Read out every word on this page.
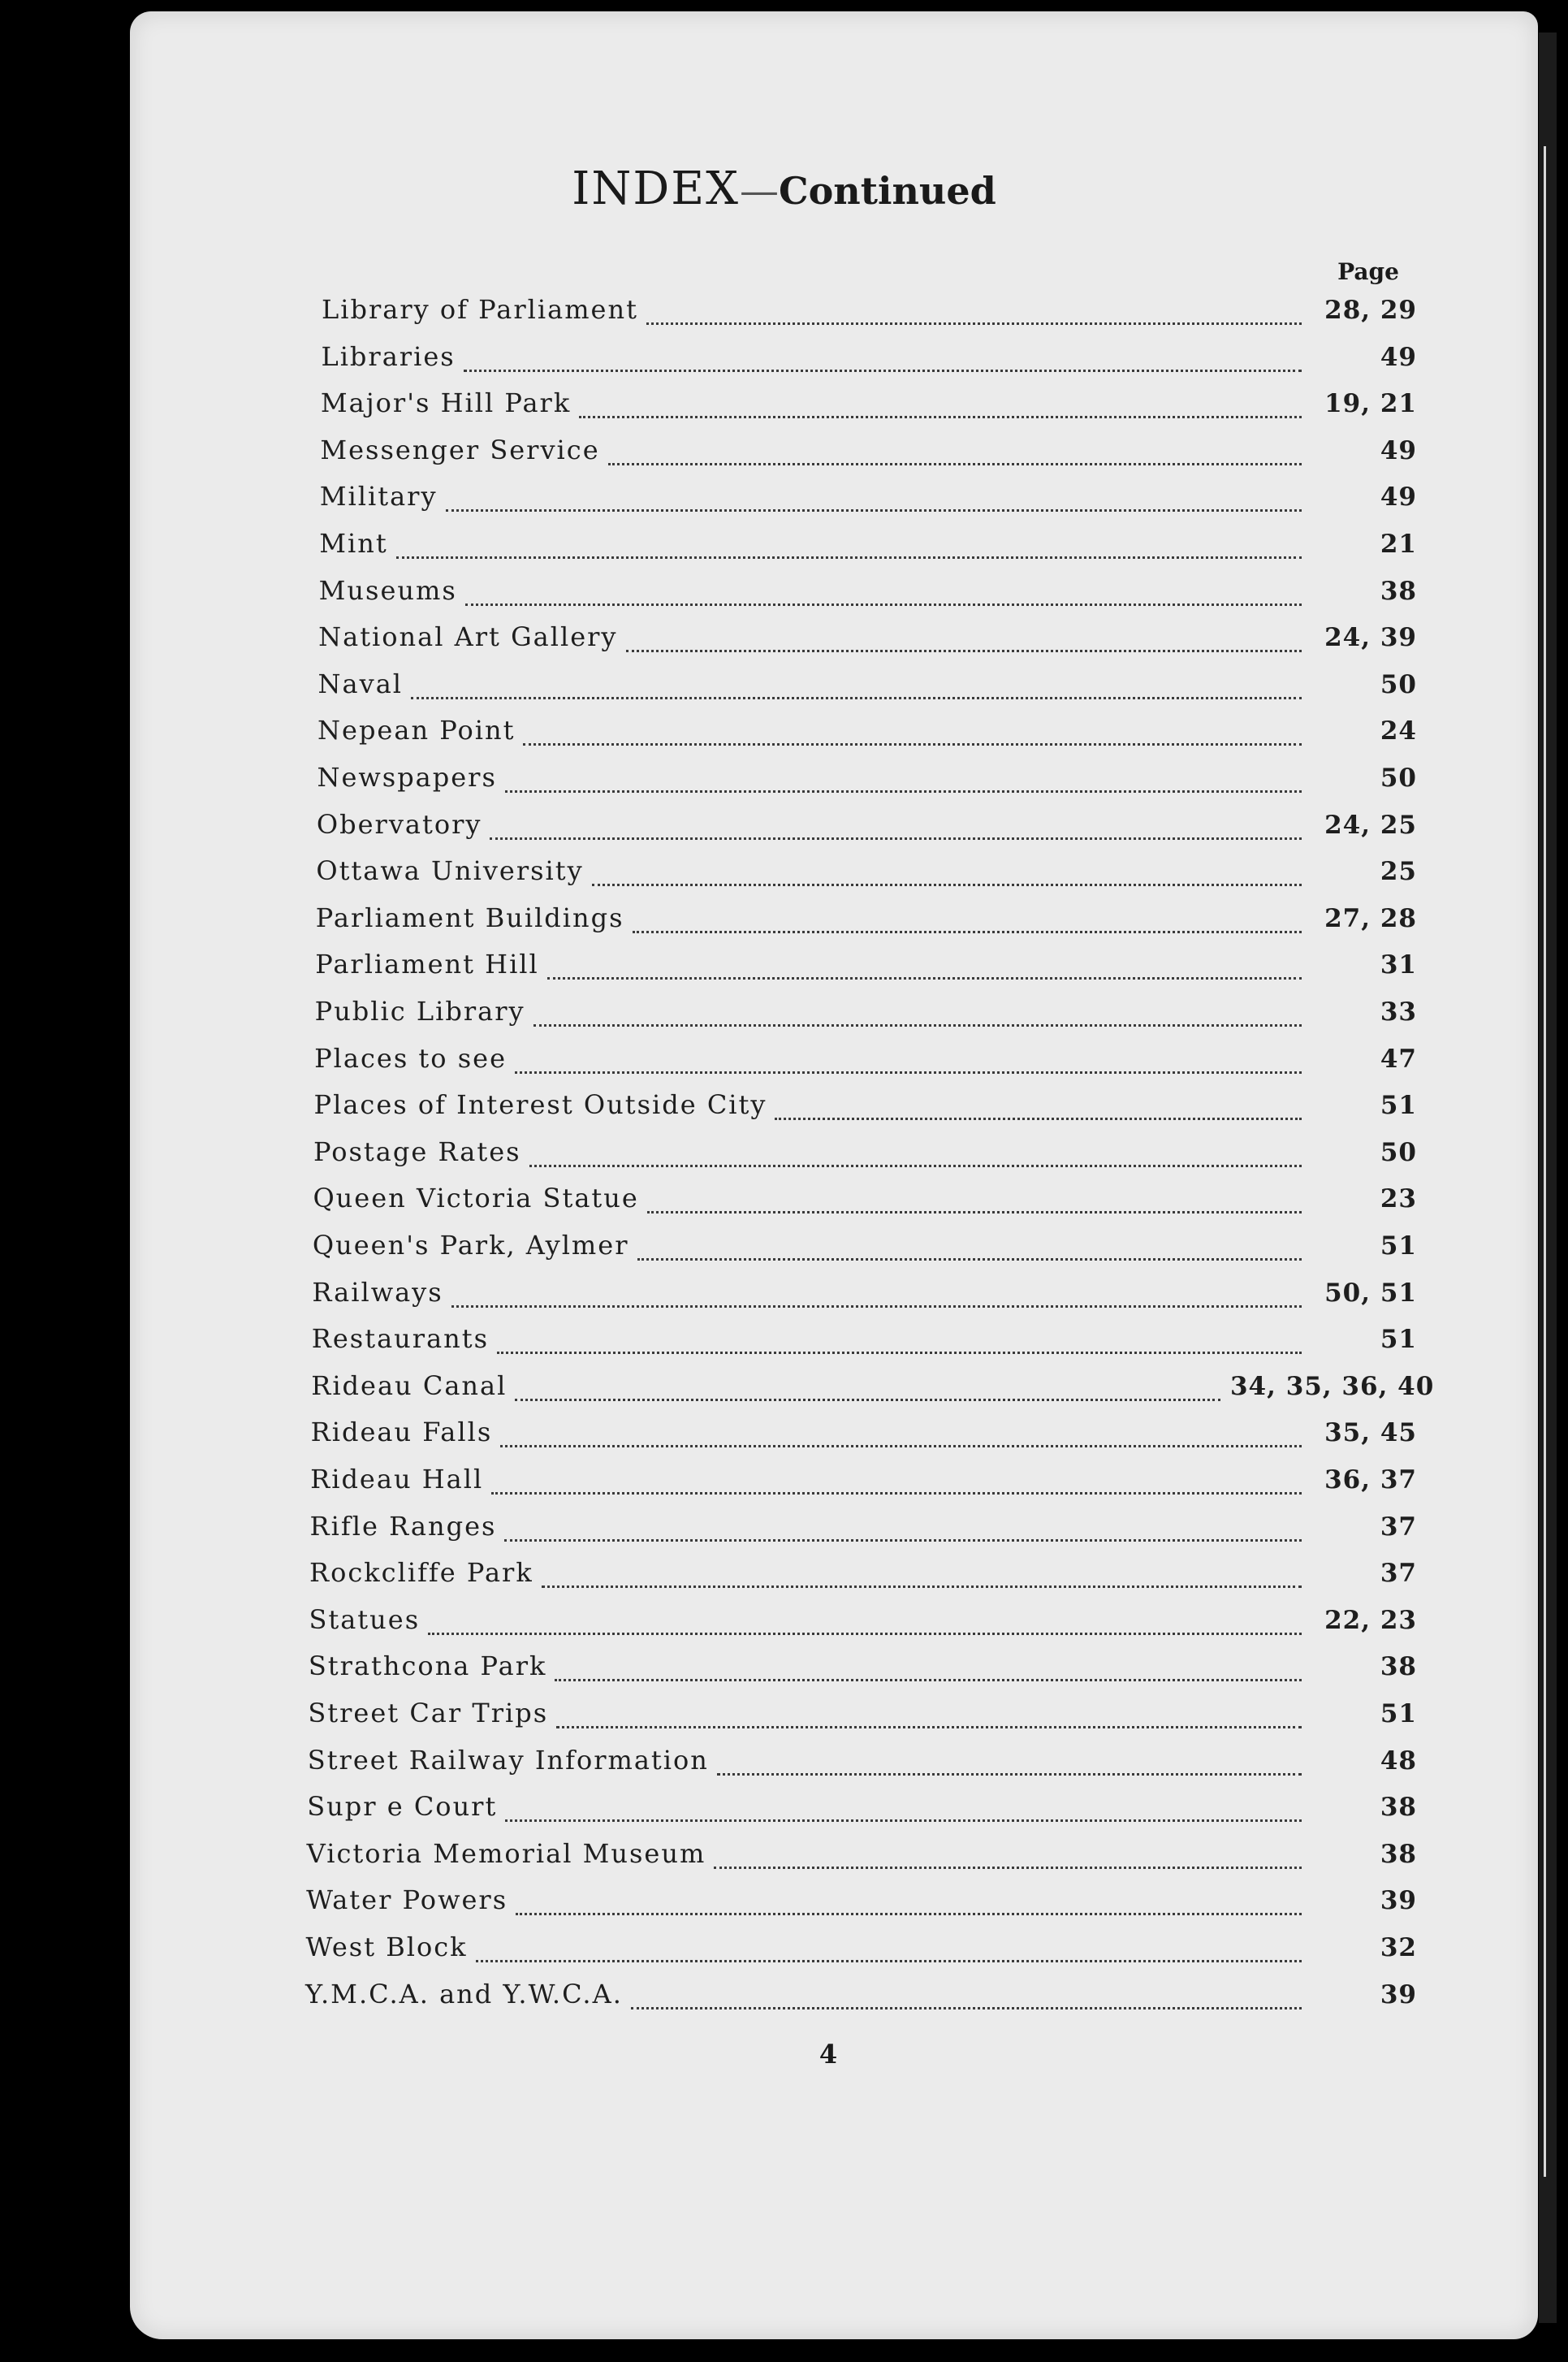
INDEX—Continued
Page
Library of Parliament	28, 29
Libraries	49
Major's Hill Park	19, 21
Messenger Service	49
Military	49
Mint	21
Museums	38
National Art Gallery	24, 39
Naval	50
Nepean Point	24
Newspapers	50
Obervatory	24, 25
Ottawa University	25
Parliament Buildings	27, 28
Parliament Hill	31
Public Library	33
Places to see	47
Places of Interest Outside City	51
Postage Rates	50
Queen Victoria Statue	23
Queen's Park, Aylmer	51
Railways	50, 51
Restaurants	51
Rideau Canal	34, 35, 36, 40
Rideau Falls	35, 45
Rideau Hall	36, 37
Rifle Ranges	37
Rockcliffe Park	37
Statues	22, 23
Strathcona Park	38
Street Car Trips	51
Street Railway Information	48
Supr e Court	38
Victoria Memorial Museum	38
Water Powers	39
West Block	32
Y.M.C.A. and Y.W.C.A.	39
4
